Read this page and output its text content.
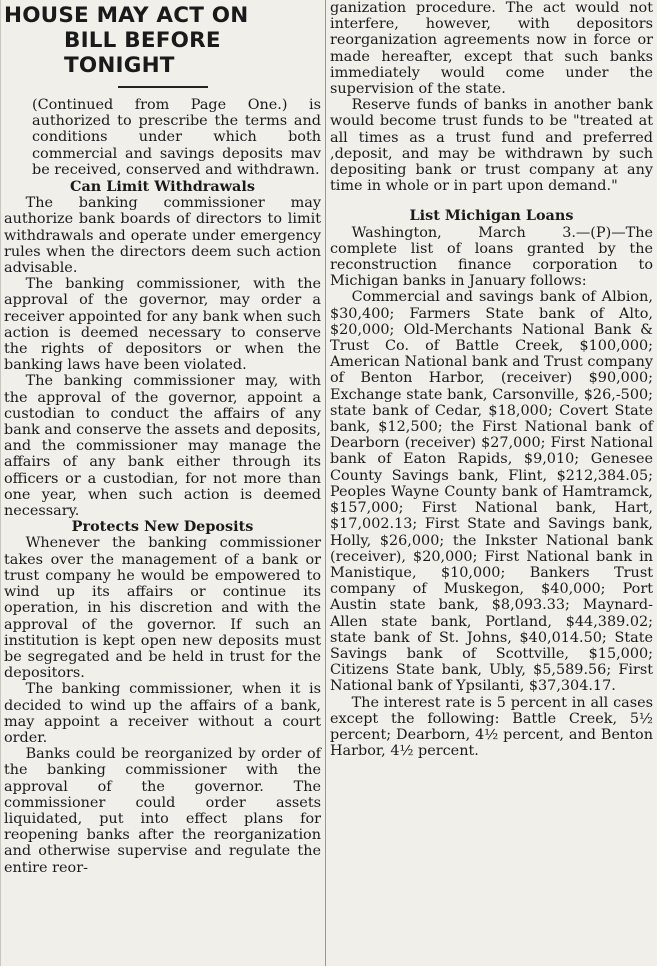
HOUSE MAY ACT ON
BILL BEFORE TONIGHT

(Continued from Page One.) is authorized to prescribe the terms and conditions under which both commercial and savings deposits mav be received, conserved and withdrawn.

Can Limit Withdrawals

The banking commissioner may authorize bank boards of directors to limit withdrawals and operate under emergency rules when the directors deem such action advisable.

The banking commissioner, with the approval of the governor, may order a receiver appointed for any bank when such action is deemed necessary to conserve the rights of depositors or when the banking laws have been violated.

The banking commissioner may, with the approval of the governor, appoint a custodian to conduct the affairs of any bank and conserve the assets and deposits, and the commissioner may manage the affairs of any bank either through its officers or a custodian, for not more than one year, when such action is deemed necessary.

Protects New Deposits

Whenever the banking commissioner takes over the management of a bank or trust company he would be empowered to wind up its affairs or continue its operation, in his discretion and with the approval of the governor. If such an institution is kept open new deposits must be segregated and be held in trust for the depositors.

The banking commissioner, when it is decided to wind up the affairs of a bank, may appoint a receiver without a court order.

Banks could be reorganized by order of the banking commissioner with the approval of the governor. The commissioner could order assets liquidated, put into effect plans for reopening banks after the reorganization and otherwise supervise and regulate the entire reor-

ganization procedure. The act would not interfere, however, with depositors reorganization agreements now in force or made hereafter, except that such banks immediately would come under the supervision of the state.

Reserve funds of banks in another bank would become trust funds to be "treated at all times as a trust fund and preferred ,deposit, and may be withdrawn by such depositing bank or trust company at any time in whole or in part upon demand."

List Michigan Loans

Washington, March 3.—(P)—The complete list of loans granted by the reconstruction finance corporation to Michigan banks in January follows:

Commercial and savings bank of Albion, $30,400; Farmers State bank of Alto, $20,000; Old-Merchants National Bank & Trust Co. of Battle Creek, $100,000; American National bank and Trust company of Benton Harbor, (receiver) $90,000; Exchange state bank, Carsonville, $26,-500; state bank of Cedar, $18,000; Covert State bank, $12,500; the First National bank of Dearborn (receiver) $27,000; First National bank of Eaton Rapids, $9,010; Genesee County Savings bank, Flint, $212,384.05; Peoples Wayne County bank of Hamtramck, $157,000; First National bank, Hart, $17,002.13; First State and Savings bank, Holly, $26,000; the Inkster National bank (receiver), $20,000; First National bank in Manistique, $10,000; Bankers Trust company of Muskegon, $40,000; Port Austin state bank, $8,093.33; Maynard-Allen state bank, Portland, $44,389.02; state bank of St. Johns, $40,014.50; State Savings bank of Scottville, $15,000; Citizens State bank, Ubly, $5,589.56; First National bank of Ypsilanti, $37,304.17.

The interest rate is 5 percent in all cases except the following: Battle Creek, 5½ percent; Dearborn, 4½ percent, and Benton Harbor, 4½ percent.
